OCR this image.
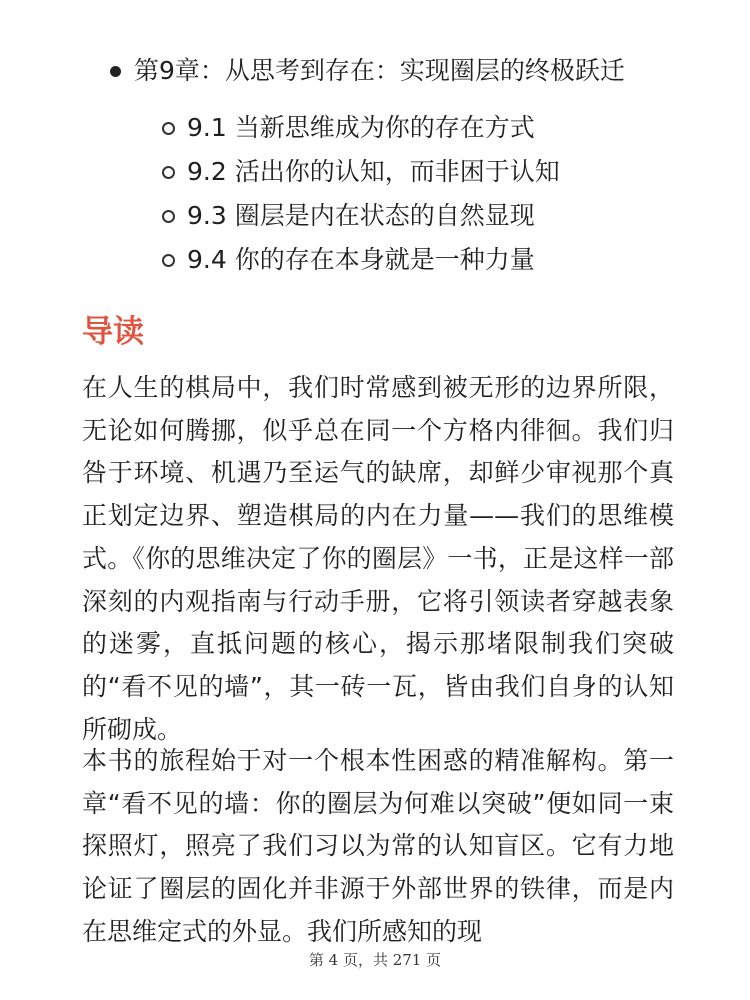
第9章：从思考到存在：实现圈层的终极跃迁
9.1 当新思维成为你的存在方式
9.2 活出你的认知，而非困于认知
9.3 圈层是内在状态的自然显现
9.4 你的存在本身就是一种力量
导读

在人生的棋局中，我们时常感到被无形的边界所限，无论如何腾挪，似乎总在同一个方格内徘徊。我们归咎于环境、机遇乃至运气的缺席，却鲜少审视那个真正划定边界、塑造棋局的内在力量——我们的思维模式。《你的思维决定了你的圈层》一书，正是这样一部深刻的内观指南与行动手册，它将引领读者穿越表象的迷雾，直抵问题的核心，揭示那堵限制我们突破的“看不见的墙”，其一砖一瓦，皆由我们自身的认知所砌成。

本书的旅程始于对一个根本性困惑的精准解构。第一章“看不见的墙：你的圈层为何难以突破”便如同一束探照灯，照亮了我们习以为常的认知盲区。它有力地论证了圈层的固化并非源于外部世界的铁律，而是内在思维定式的外显。我们所感知的现

第 4 页，共 271 页
